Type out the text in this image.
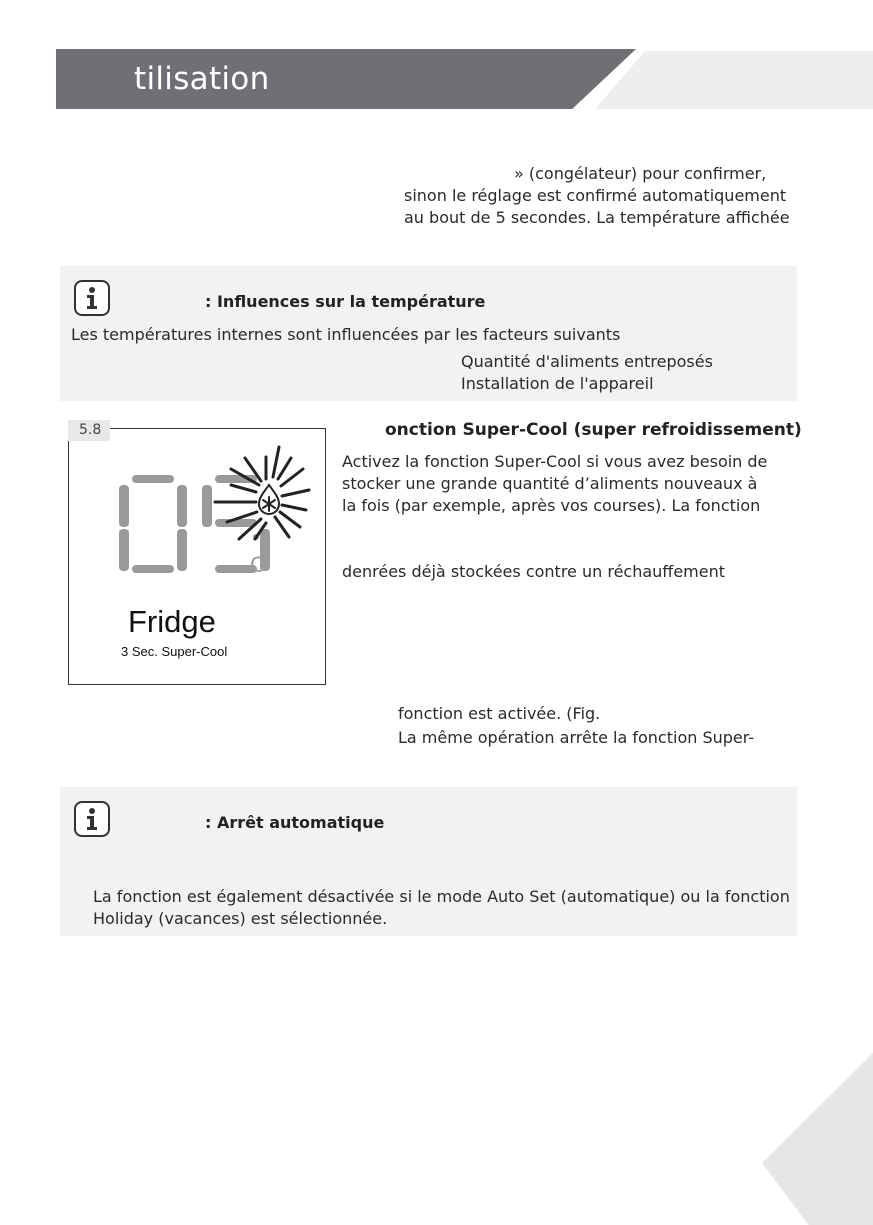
tilisation
» (congélateur) pour confirmer,
sinon le réglage est confirmé automatiquement
au bout de 5 secondes. La température affichée
: Influences sur la température
Les températures internes sont influencées par les facteurs suivants
Quantité d'aliments entreposés
Installation de l'appareil
C
Fridge
3 Sec. Super-Cool
5.8	onction Super-Cool (super refroidissement)
Activez la fonction Super-Cool si vous avez besoin de
stocker une grande quantité d’aliments nouveaux à
la fois (par exemple, après vos courses). La fonction
denrées déjà stockées contre un réchauffement
fonction est activée. (Fig.
La même opération arrête la fonction Super-
: Arrêt automatique
La fonction est également désactivée si le mode Auto Set (automatique) ou la fonction
Holiday (vacances) est sélectionnée.
